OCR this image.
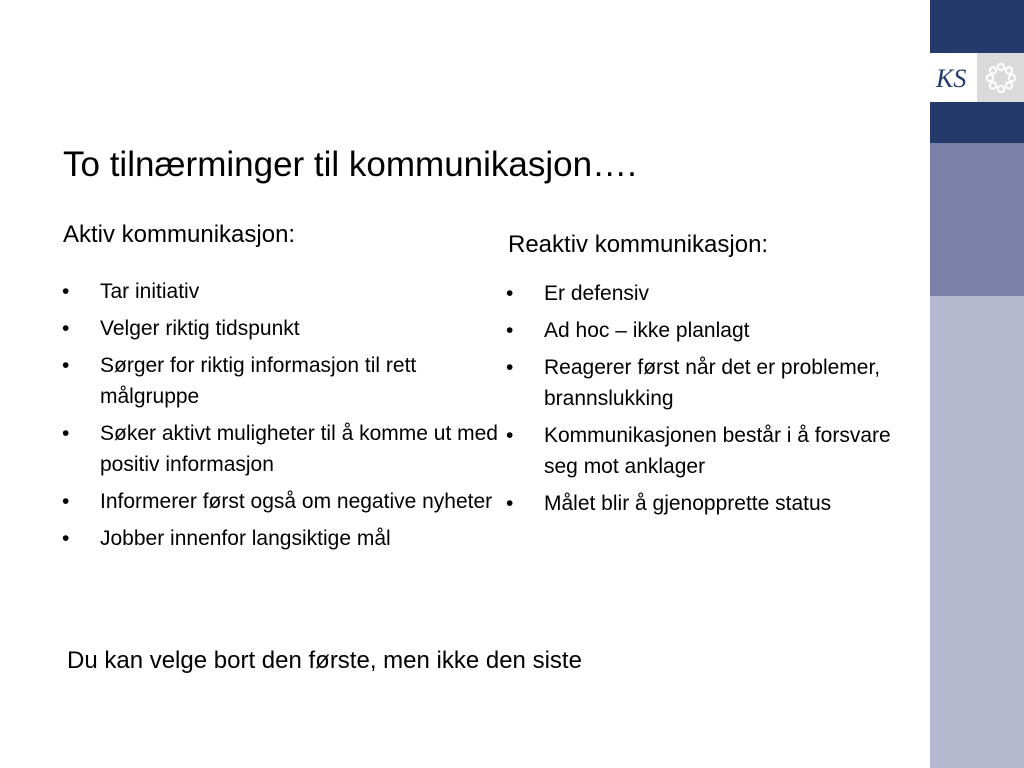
KS
To tilnærminger til kommunikasjon….
Aktiv kommunikasjon:
• Tar initiativ
• Velger riktig tidspunkt
• Sørger for riktig informasjon til rett målgruppe
• Søker aktivt muligheter til å komme ut med positiv informasjon
• Informerer først også om negative nyheter
• Jobber innenfor langsiktige mål
Reaktiv kommunikasjon:
• Er defensiv
• Ad hoc – ikke planlagt
• Reagerer først når det er problemer, brannslukking
• Kommunikasjonen består i å forsvare seg mot anklager
• Målet blir å gjenopprette status
Du kan velge bort den første, men ikke den siste
